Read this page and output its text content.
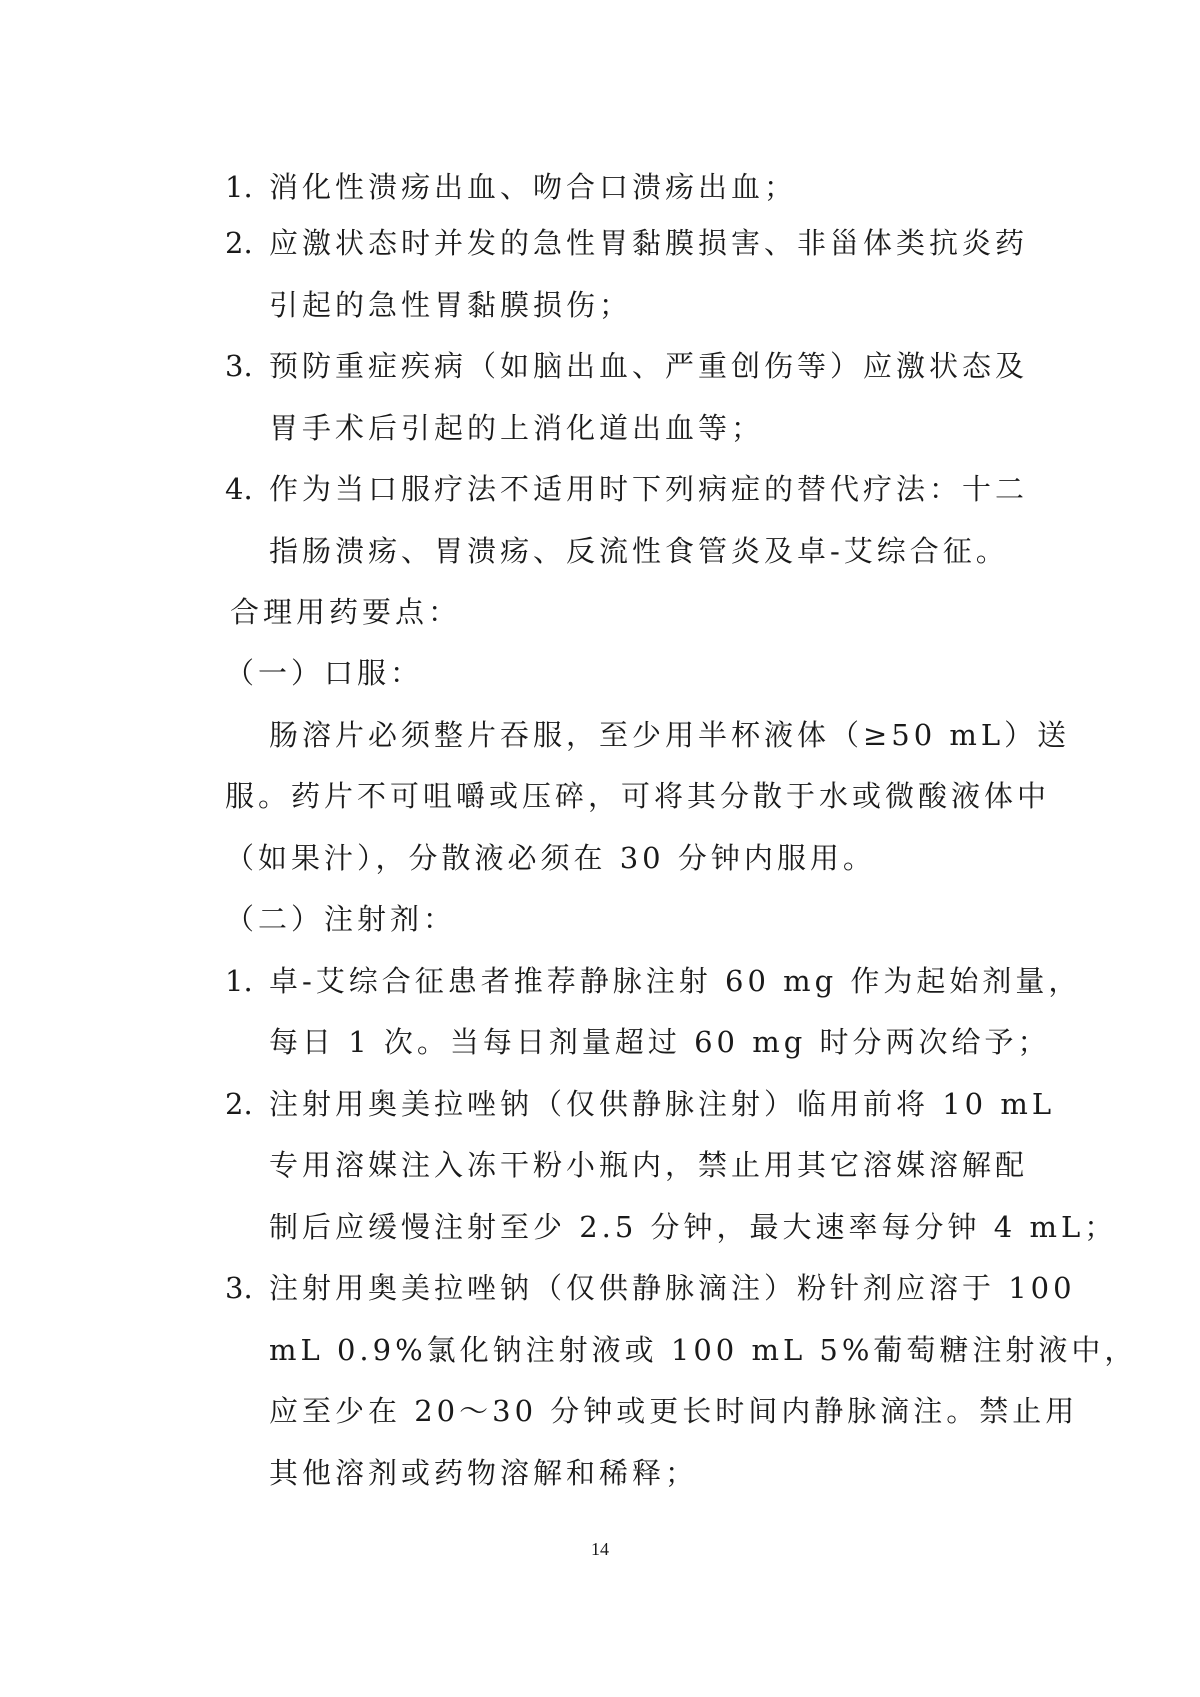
1. 消化性溃疡出血、吻合口溃疡出血；
2. 应激状态时并发的急性胃黏膜损害、非甾体类抗炎药
引起的急性胃黏膜损伤；
3. 预防重症疾病（如脑出血、严重创伤等）应激状态及
胃手术后引起的上消化道出血等；
4. 作为当口服疗法不适用时下列病症的替代疗法：十二
指肠溃疡、胃溃疡、反流性食管炎及卓-艾综合征。
合理用药要点：
（一）口服：
肠溶片必须整片吞服，至少用半杯液体（≥50 mL）送
服。药片不可咀嚼或压碎，可将其分散于水或微酸液体中
（如果汁），分散液必须在 30 分钟内服用。
（二）注射剂：
1. 卓-艾综合征患者推荐静脉注射 60 mg 作为起始剂量，
每日 1 次。当每日剂量超过 60 mg 时分两次给予；
2. 注射用奥美拉唑钠（仅供静脉注射）临用前将 10 mL
专用溶媒注入冻干粉小瓶内，禁止用其它溶媒溶解配
制后应缓慢注射至少 2.5 分钟，最大速率每分钟 4 mL；
3. 注射用奥美拉唑钠（仅供静脉滴注）粉针剂应溶于 100
mL 0.9%氯化钠注射液或 100 mL 5%葡萄糖注射液中，
应至少在 20～30 分钟或更长时间内静脉滴注。禁止用
其他溶剂或药物溶解和稀释；
14
